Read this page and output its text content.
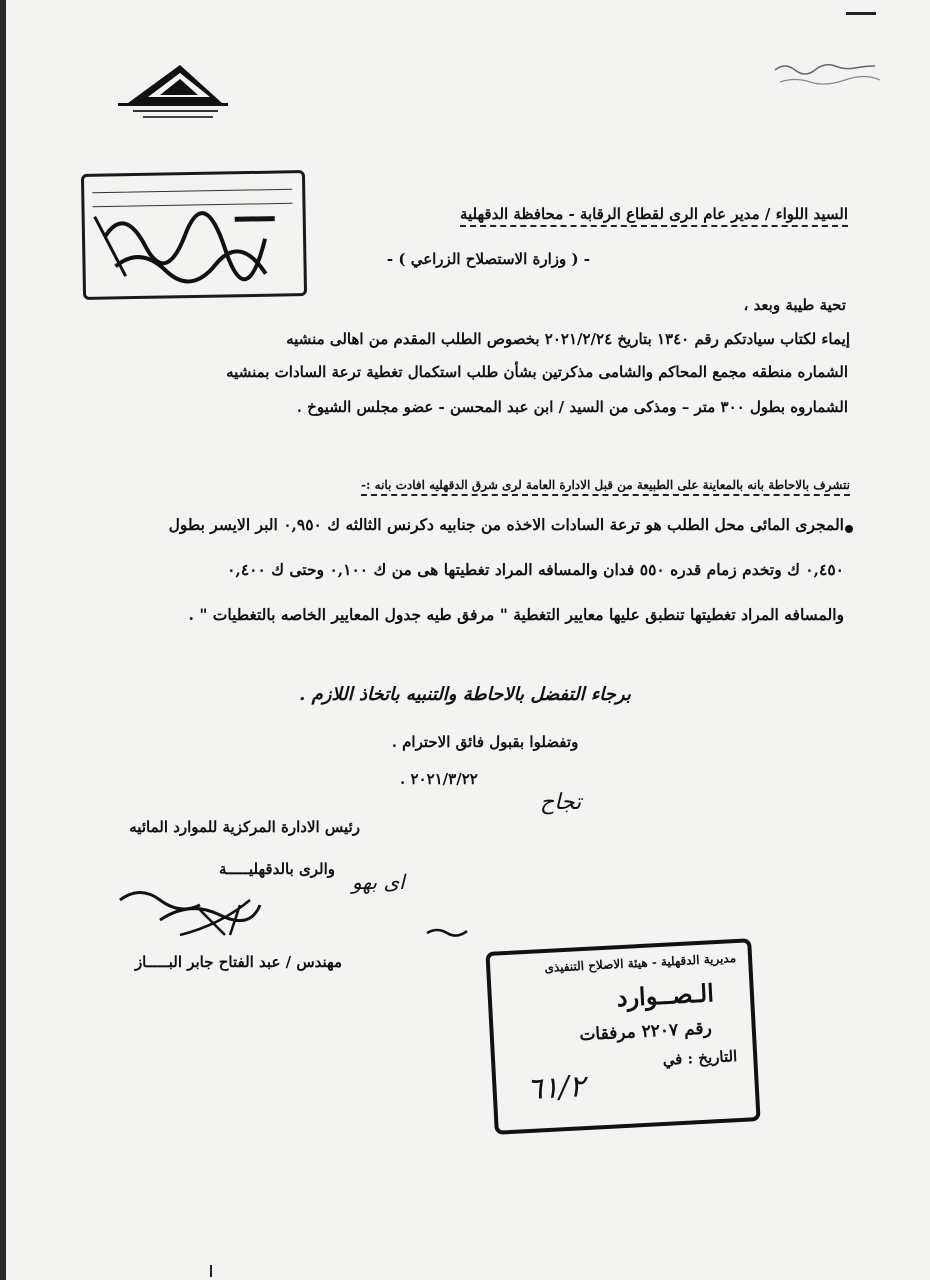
السيد اللواء / مدير عام الرى لقطاع الرقابة - محافظة الدقهلية
- ( وزارة الاستصلاح الزراعي ) -
تحية طيبة وبعد ،
إيماء لكتاب سيادتكم رقم ١٣٤٠ بتاريخ ٢٠٢١/٢/٢٤ بخصوص الطلب المقدم من اهالى منشيه
الشماره منطقه مجمع المحاكم والشامى مذكرتين بشأن طلب استكمال تغطية ترعة السادات بمنشيه
الشماروه بطول ٣٠٠ متر – ومذكى من السيد / ابن عبد المحسن - عضو مجلس الشيوخ .
نتشرف بالاحاطة بانه بالمعاينة على الطبيعة من قبل الادارة العامة لرى شرق الدقهليه افادت بانه :-
المجرى المائى محل الطلب هو ترعة السادات الاخذه من جنابيه دكرنس الثالثه ك ٠,٩٥٠ البر الايسر بطول
٠,٤٥٠ ك وتخدم زمام قدره ٥٥٠ فدان والمسافه المراد تغطيتها هى من ك ٠,١٠٠ وحتى ك ٠,٤٠٠
والمسافه المراد تغطيتها تنطبق عليها معايير التغطية " مرفق طيه جدول المعايير الخاصه بالتغطيات " .
برجاء التفضل بالاحاطة والتنبيه باتخاذ اللازم .
وتفضلوا بقبول فائق الاحترام .
٢٠٢١/٣/٢٢ .
تجاح
رئيس الادارة المركزية للموارد المائيه
والرى بالدقهليـــــة
اى بهو
مهندس / عبد الفتاح جابر البـــــاز	مديرية الدقهلية - هيئة الاصلاح التنفيذى
الـصــوارد
رقم ٢٢٠٧ مرفقات
التاريخ : في
٦١/٢
